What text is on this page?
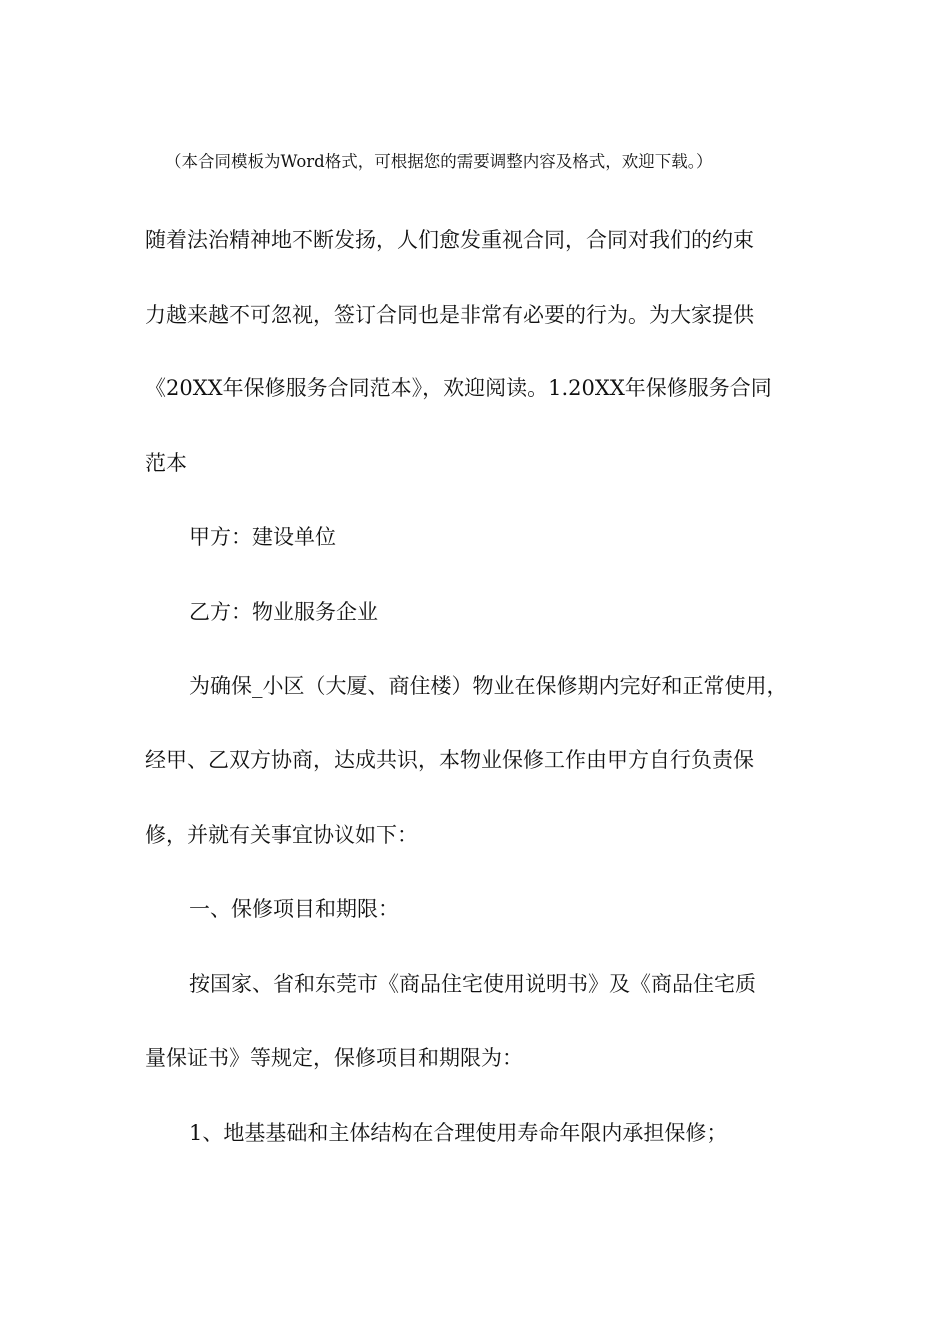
（本合同模板为Word格式，可根据您的需要调整内容及格式，欢迎下载。）
随着法治精神地不断发扬，人们愈发重视合同，合同对我们的约束
力越来越不可忽视，签订合同也是非常有必要的行为。为大家提供
《20XX年保修服务合同范本》，欢迎阅读。1.20XX年保修服务合同
范本
甲方：建设单位
乙方：物业服务企业
为确保_小区（大厦、商住楼）物业在保修期内完好和正常使用，
经甲、乙双方协商，达成共识，本物业保修工作由甲方自行负责保
修，并就有关事宜协议如下：
一、保修项目和期限：
按国家、省和东莞市《商品住宅使用说明书》及《商品住宅质
量保证书》等规定，保修项目和期限为：
1、地基基础和主体结构在合理使用寿命年限内承担保修；
